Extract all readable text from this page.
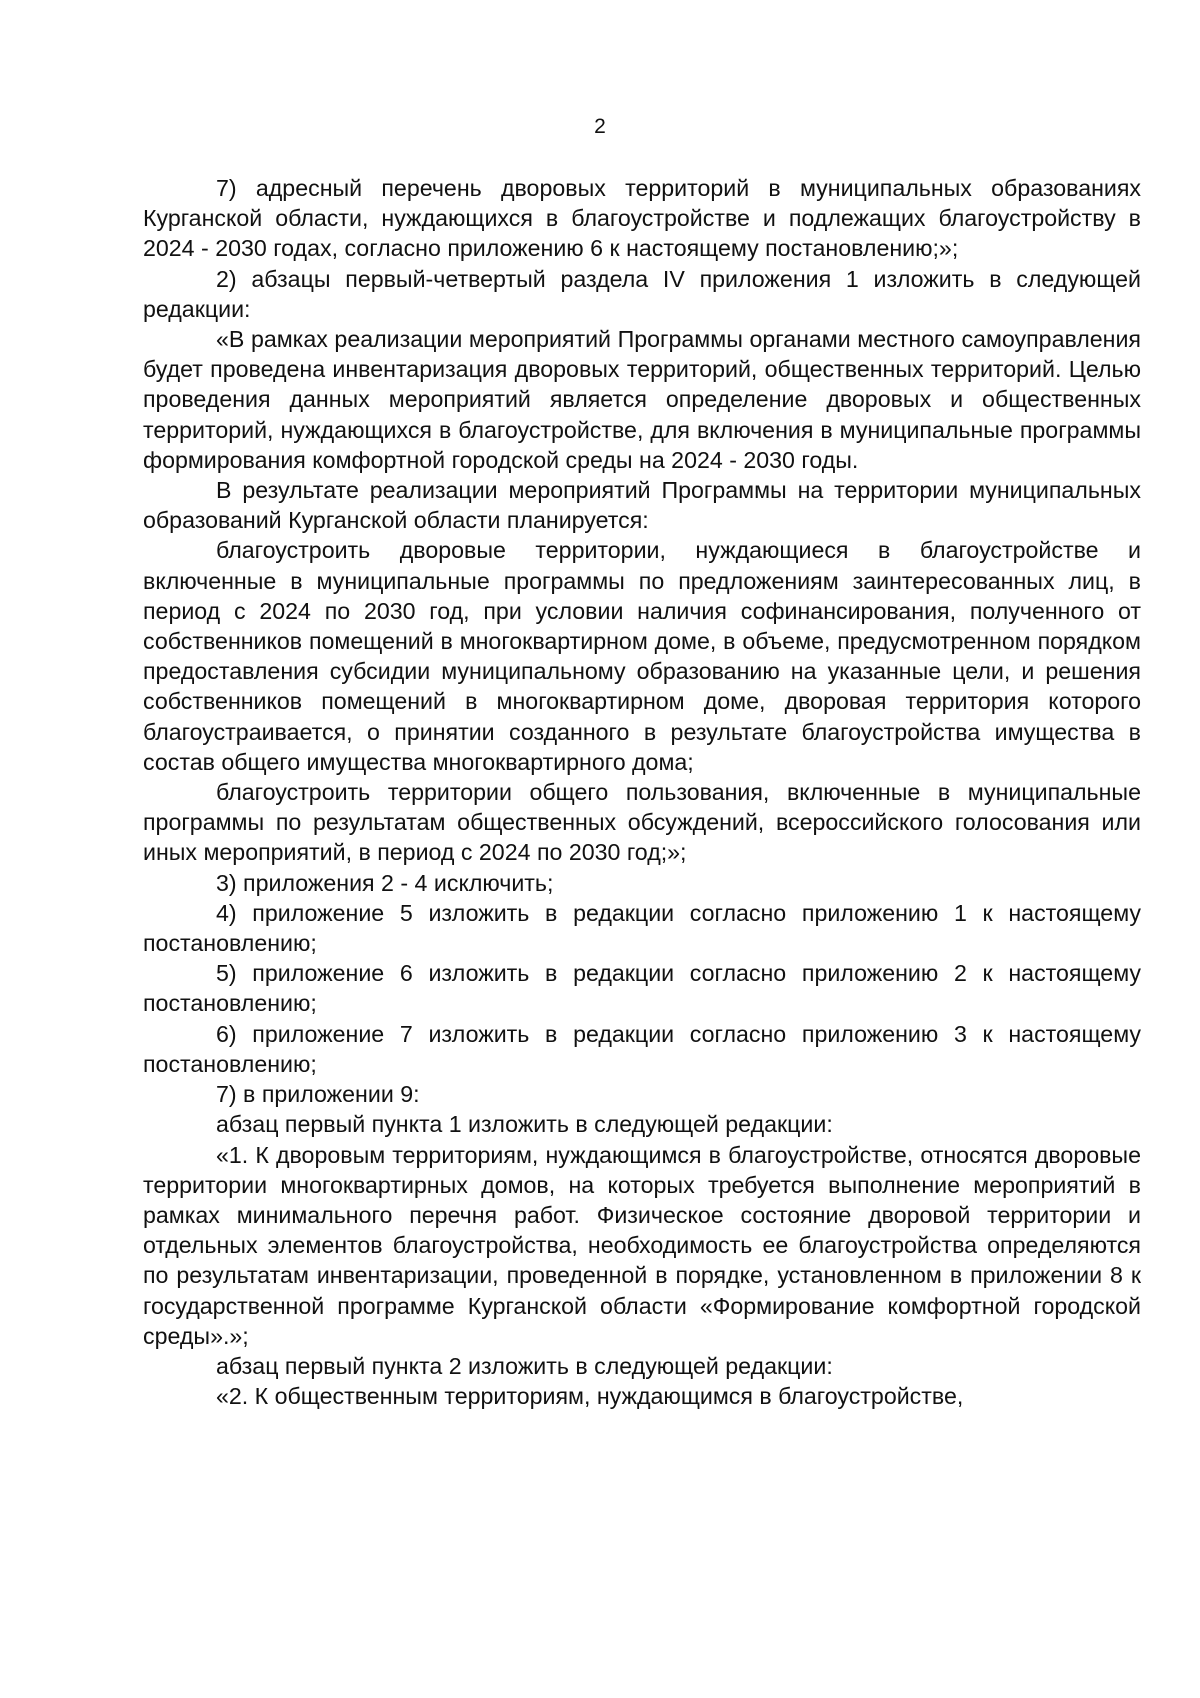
2

7) адресный перечень дворовых территорий в муниципальных образованиях Курганской области, нуждающихся в благоустройстве и подлежащих благоустройству в 2024 - 2030 годах, согласно приложению 6 к настоящему постановлению;»;

2) абзацы первый-четвертый раздела IV приложения 1 изложить в следующей редакции:

«В рамках реализации мероприятий Программы органами местного самоуправления будет проведена инвентаризация дворовых территорий, общественных территорий. Целью проведения данных мероприятий является определение дворовых и общественных территорий, нуждающихся в благоустройстве, для включения в муниципальные программы формирования комфортной городской среды на 2024 - 2030 годы.

В результате реализации мероприятий Программы на территории муниципальных образований Курганской области планируется:

благоустроить дворовые территории, нуждающиеся в благоустройстве и включенные в муниципальные программы по предложениям заинтересованных лиц, в период с 2024 по 2030 год, при условии наличия софинансирования, полученного от собственников помещений в многоквартирном доме, в объеме, предусмотренном порядком предоставления субсидии муниципальному образованию на указанные цели, и решения собственников помещений в многоквартирном доме, дворовая территория которого благоустраивается, о принятии созданного в результате благоустройства имущества в состав общего имущества многоквартирного дома;

благоустроить территории общего пользования, включенные в муниципальные программы по результатам общественных обсуждений, всероссийского голосования или иных мероприятий, в период с 2024 по 2030 год;»;

3) приложения 2 - 4 исключить;

4) приложение 5 изложить в редакции согласно приложению 1 к настоящему постановлению;

5) приложение 6 изложить в редакции согласно приложению 2 к настоящему постановлению;

6) приложение 7 изложить в редакции согласно приложению 3 к настоящему постановлению;

7) в приложении 9:

абзац первый пункта 1 изложить в следующей редакции:

«1. К дворовым территориям, нуждающимся в благоустройстве, относятся дворовые территории многоквартирных домов, на которых требуется выполнение мероприятий в рамках минимального перечня работ. Физическое состояние дворовой территории и отдельных элементов благоустройства, необходимость ее благоустройства определяются по результатам инвентаризации, проведенной в порядке, установленном в приложении 8 к государственной программе Курганской области «Формирование комфортной городской среды».»;

абзац первый пункта 2 изложить в следующей редакции:

«2. К общественным территориям, нуждающимся в благоустройстве,
